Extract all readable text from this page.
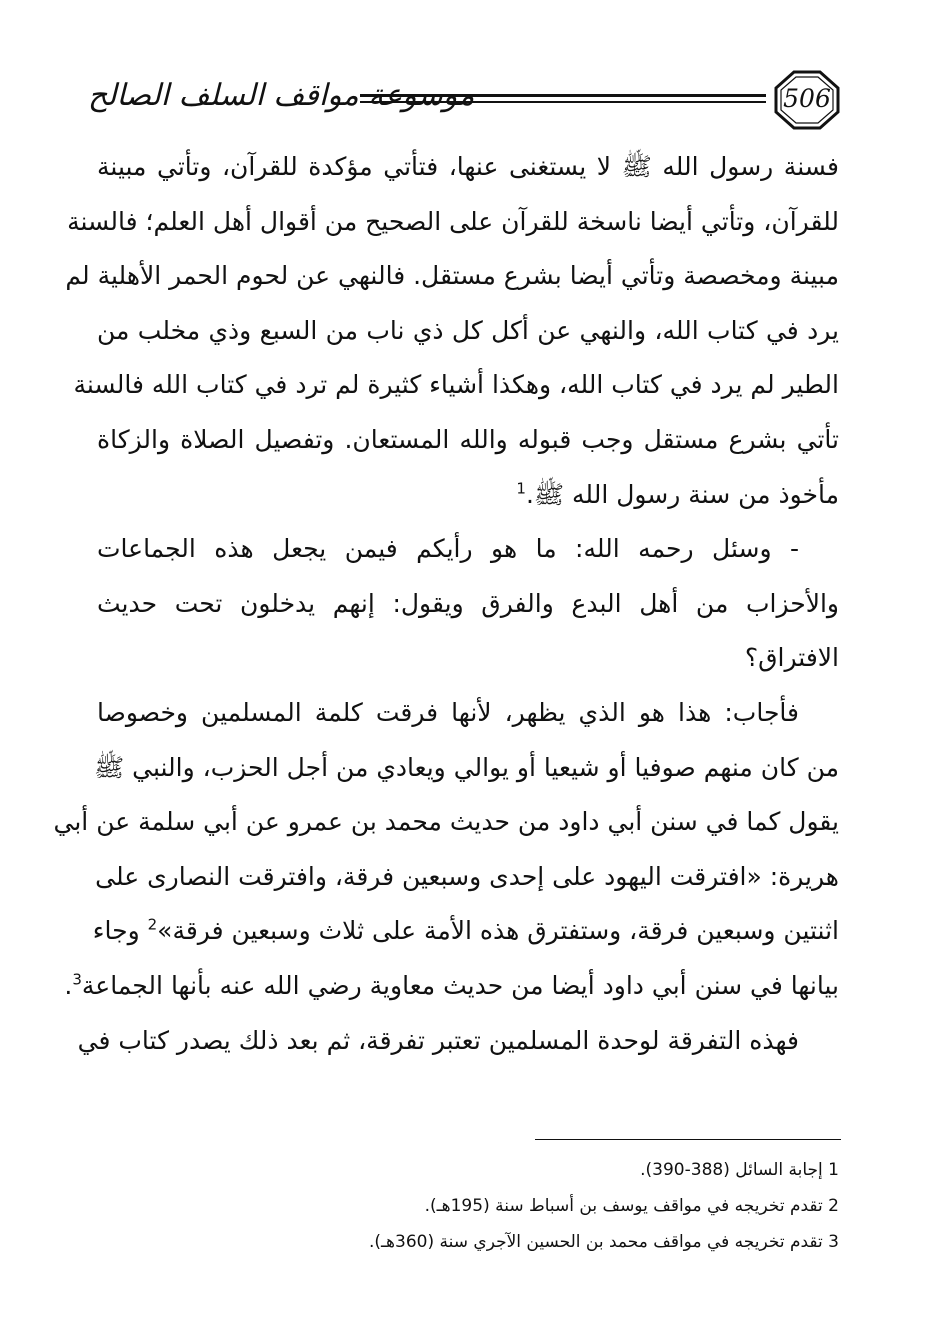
موسوعة مواقف السلف الصالح	506
فسنة رسول الله ﷺ لا يستغنى عنها، فتأتي مؤكدة للقرآن، وتأتي مبينة
للقرآن، وتأتي أيضا ناسخة للقرآن على الصحيح من أقوال أهل العلم؛ فالسنة
مبينة ومخصصة وتأتي أيضا بشرع مستقل. فالنهي عن لحوم الحمر الأهلية لم
يرد في كتاب الله، والنهي عن أكل كل ذي ناب من السبع وذي مخلب من
الطير لم يرد في كتاب الله، وهكذا أشياء كثيرة لم ترد في كتاب الله فالسنة
تأتي بشرع مستقل وجب قبوله والله المستعان. وتفصيل الصلاة والزكاة
مأخوذ من سنة رسول الله ﷺ.$^1$
- وسئل رحمه الله: ما هو رأيكم فيمن يجعل هذه الجماعات
والأحزاب من أهل البدع والفرق ويقول: إنهم يدخلون تحت حديث
الافتراق؟
فأجاب: هذا هو الذي يظهر، لأنها فرقت كلمة المسلمين وخصوصا
من كان منهم صوفيا أو شيعيا أو يوالي ويعادي من أجل الحزب، والنبي ﷺ
يقول كما في سنن أبي داود من حديث محمد بن عمرو عن أبي سلمة عن أبي
هريرة: «افترقت اليهود على إحدى وسبعين فرقة، وافترقت النصارى على
اثنتين وسبعين فرقة، وستفترق هذه الأمة على ثلاث وسبعين فرقة»$^2$ وجاء
بيانها في سنن أبي داود أيضا من حديث معاوية رضي الله عنه بأنها الجماعة$^3$.
فهذه التفرقة لوحدة المسلمين تعتبر تفرقة، ثم بعد ذلك يصدر كتاب في
1 إجابة السائل (388-390).
2 تقدم تخريجه في مواقف يوسف بن أسباط سنة (195هـ).
3 تقدم تخريجه في مواقف محمد بن الحسين الآجري سنة (360هـ).
